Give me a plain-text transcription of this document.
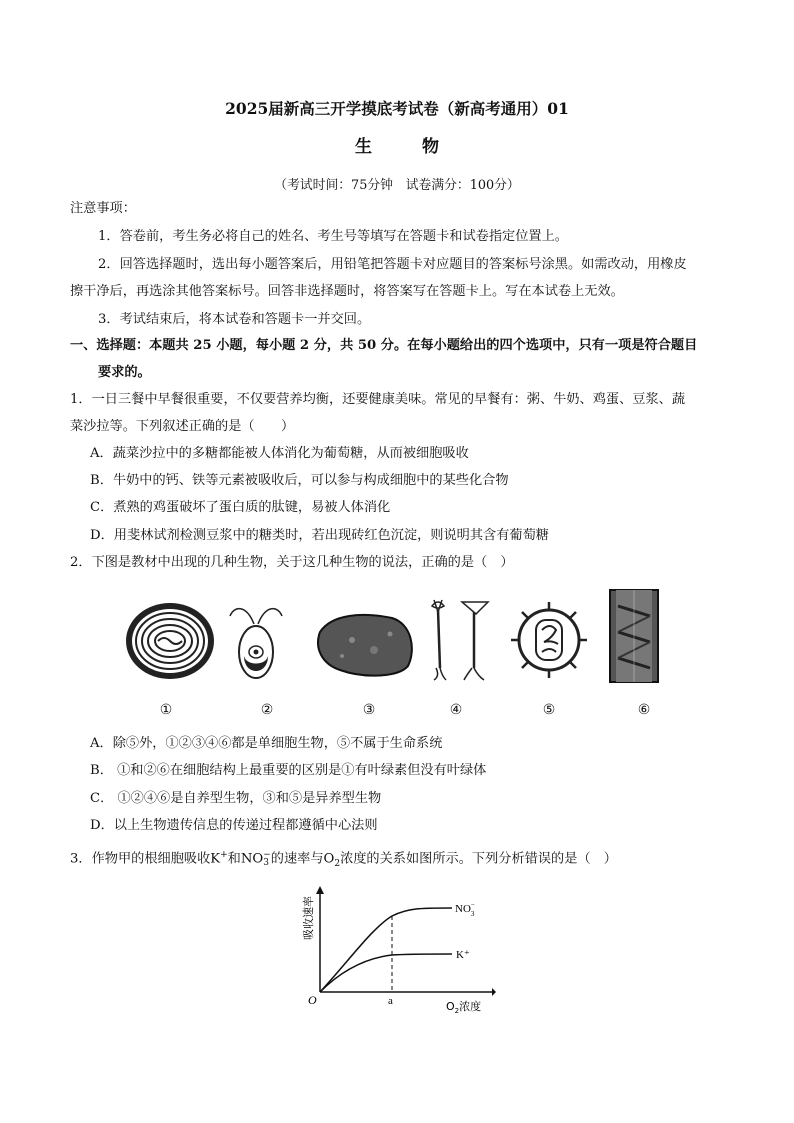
2025届新高三开学摸底考试卷（新高考通用）01
生物
（考试时间：75分钟　试卷满分：100分）
注意事项：
1．答卷前，考生务必将自己的姓名、考生号等填写在答题卡和试卷指定位置上。
2．回答选择题时，选出每小题答案后，用铅笔把答题卡对应题目的答案标号涂黑。如需改动，用橡皮
擦干净后，再选涂其他答案标号。回答非选择题时，将答案写在答题卡上。写在本试卷上无效。
3．考试结束后，将本试卷和答题卡一并交回。
一、选择题：本题共 25 小题，每小题 2 分，共 50 分。在每小题给出的四个选项中，只有一项是符合题目
要求的。
1．一日三餐中早餐很重要，不仅要营养均衡，还要健康美味。常见的早餐有：粥、牛奶、鸡蛋、豆浆、蔬
菜沙拉等。下列叙述正确的是（　　）
A．蔬菜沙拉中的多糖都能被人体消化为葡萄糖，从而被细胞吸收
B．牛奶中的钙、铁等元素被吸收后，可以参与构成细胞中的某些化合物
C．煮熟的鸡蛋破坏了蛋白质的肽键，易被人体消化
D．用斐林试剂检测豆浆中的糖类时，若出现砖红色沉淀，则说明其含有葡萄糖
2．下图是教材中出现的几种生物，关于这几种生物的说法，正确的是（　）
①	②	③	④	⑤	⑥
A．除⑤外，①②③④⑥都是单细胞生物，⑤不属于生命系统
B． ①和②⑥在细胞结构上最重要的区别是①有叶绿素但没有叶绿体
C． ①②④⑥是自养型生物，③和⑤是异养型生物
D．以上生物遗传信息的传递过程都遵循中心法则
3．作物甲的根细胞吸收K+和NO −
3 的速率与$O_2$浓度的关系如图所示。下列分析错误的是（　）
a
O
NO− 3
K⁺
$O_2$浓度
吸收速率
